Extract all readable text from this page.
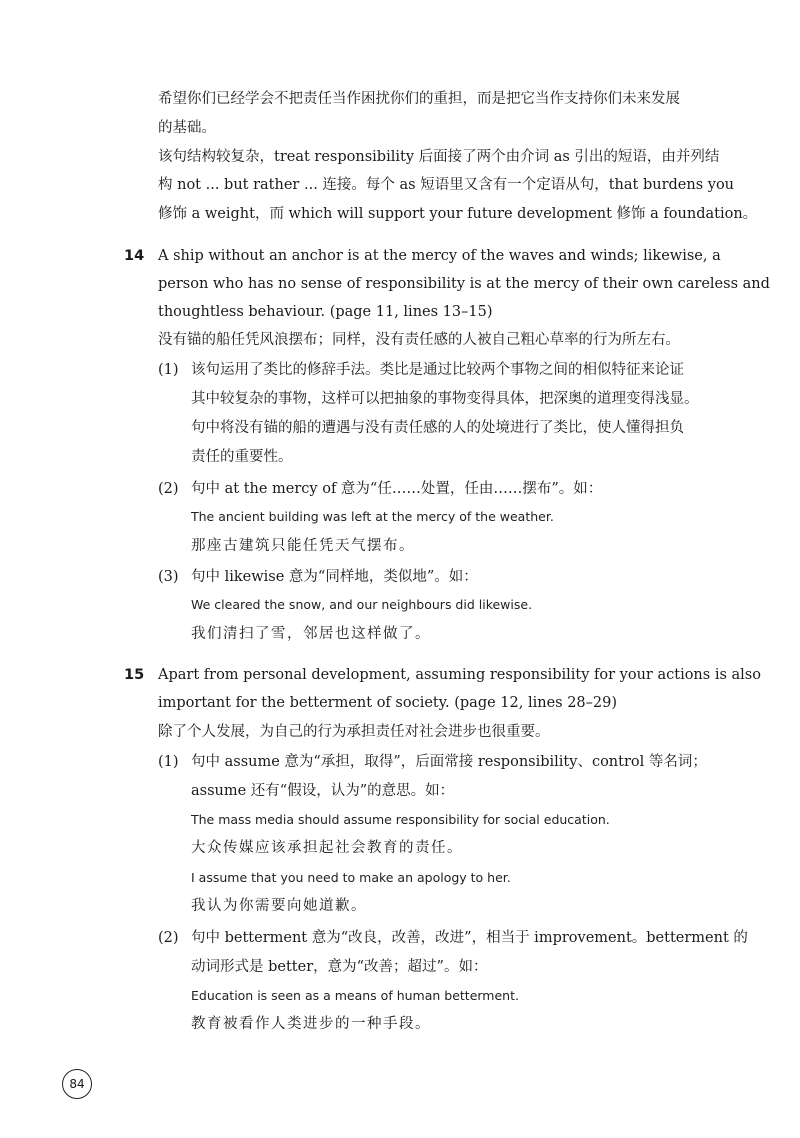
希望你们已经学会不把责任当作困扰你们的重担，而是把它当作支持你们未来发展
的基础。
该句结构较复杂，treat responsibility 后面接了两个由介词 as 引出的短语，由并列结
构 not ... but rather ... 连接。每个 as 短语里又含有一个定语从句，that burdens you
修饰 a weight，而 which will support your future development 修饰 a foundation。
14 A ship without an anchor is at the mercy of the waves and winds; likewise, a
person who has no sense of responsibility is at the mercy of their own careless and
thoughtless behaviour. (page 11, lines 13–15)
没有锚的船任凭风浪摆布；同样，没有责任感的人被自己粗心草率的行为所左右。
(1) 该句运用了类比的修辞手法。类比是通过比较两个事物之间的相似特征来论证
其中较复杂的事物，这样可以把抽象的事物变得具体，把深奥的道理变得浅显。
句中将没有锚的船的遭遇与没有责任感的人的处境进行了类比，使人懂得担负
责任的重要性。
(2) 句中 at the mercy of 意为“任……处置，任由……摆布”。如：
The ancient building was left at the mercy of the weather.
那座古建筑只能任凭天气摆布。
(3) 句中 likewise 意为“同样地，类似地”。如：
We cleared the snow, and our neighbours did likewise.
我们清扫了雪，邻居也这样做了。
15 Apart from personal development, assuming responsibility for your actions is also
important for the betterment of society. (page 12, lines 28–29)
除了个人发展，为自己的行为承担责任对社会进步也很重要。
(1) 句中 assume 意为“承担，取得”，后面常接 responsibility、control 等名词；
assume 还有“假设，认为”的意思。如：
The mass media should assume responsibility for social education.
大众传媒应该承担起社会教育的责任。
I assume that you need to make an apology to her.
我认为你需要向她道歉。
(2) 句中 betterment 意为“改良，改善，改进”，相当于 improvement。betterment 的
动词形式是 better，意为“改善；超过”。如：
Education is seen as a means of human betterment.
教育被看作人类进步的一种手段。
84
